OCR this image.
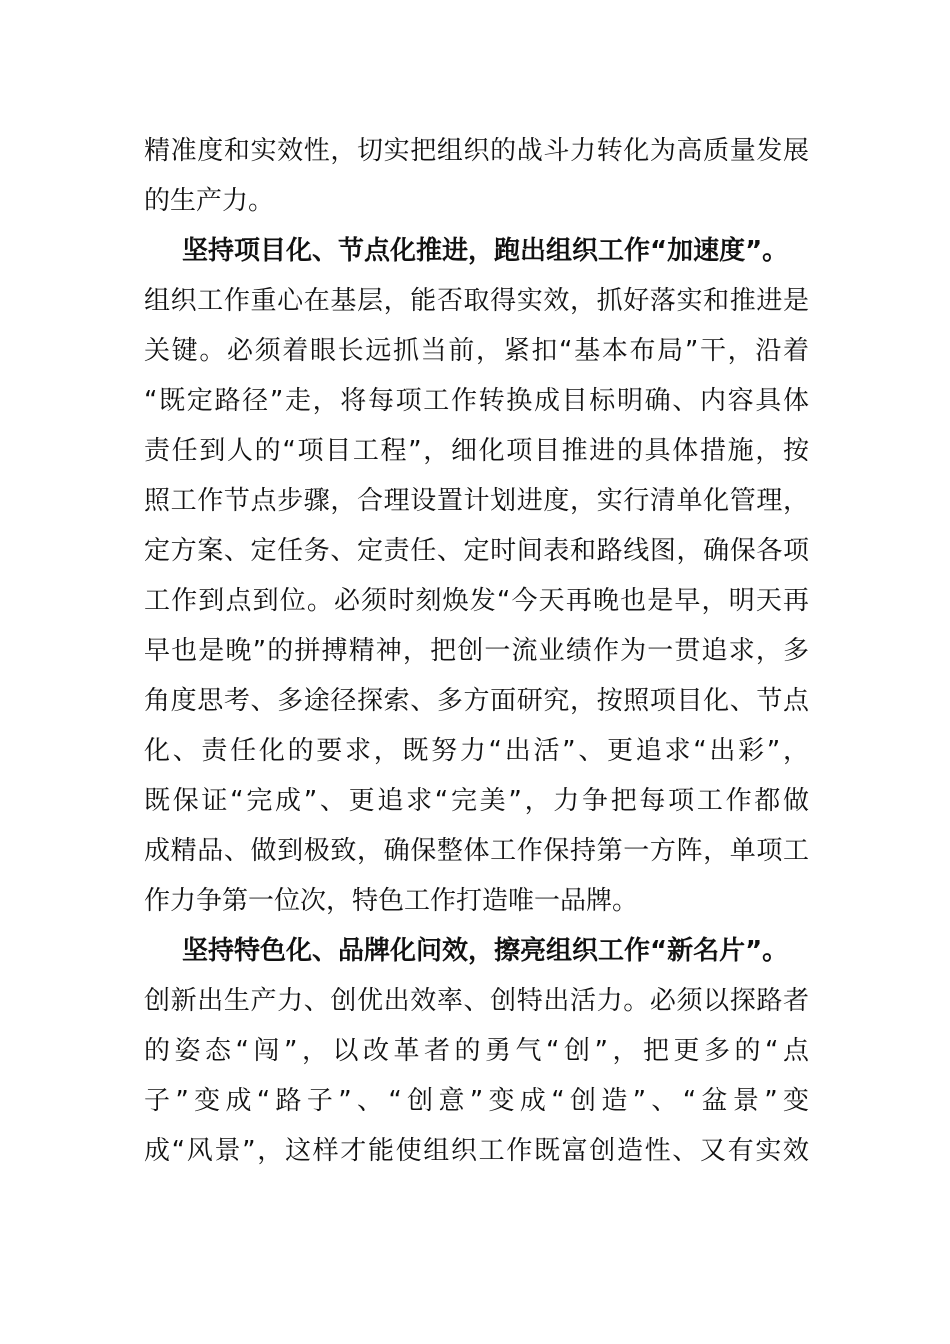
精准度和实效性，切实把组织的战斗力转化为高质量发展
的生产力。
坚持项目化、节点化推进，跑出组织工作“加速度”。
组织工作重心在基层，能否取得实效，抓好落实和推进是
关键。必须着眼长远抓当前，紧扣“基本布局”干，沿着
“既定路径”走，将每项工作转换成目标明确、内容具体
责任到人的“项目工程”，细化项目推进的具体措施，按
照工作节点步骤，合理设置计划进度，实行清单化管理，
定方案、定任务、定责任、定时间表和路线图，确保各项
工作到点到位。必须时刻焕发“今天再晚也是早，明天再
早也是晚”的拼搏精神，把创一流业绩作为一贯追求，多
角度思考、多途径探索、多方面研究，按照项目化、节点
化、责任化的要求，既努力“出活”、更追求“出彩”，
既保证“完成”、更追求“完美”，力争把每项工作都做
成精品、做到极致，确保整体工作保持第一方阵，单项工
作力争第一位次，特色工作打造唯一品牌。
坚持特色化、品牌化问效，擦亮组织工作“新名片”。
创新出生产力、创优出效率、创特出活力。必须以探路者
的姿态“闯”，以改革者的勇气“创”，把更多的“点
子”变成“路子”、“创意”变成“创造”、“盆景”变
成“风景”，这样才能使组织工作既富创造性、又有实效
